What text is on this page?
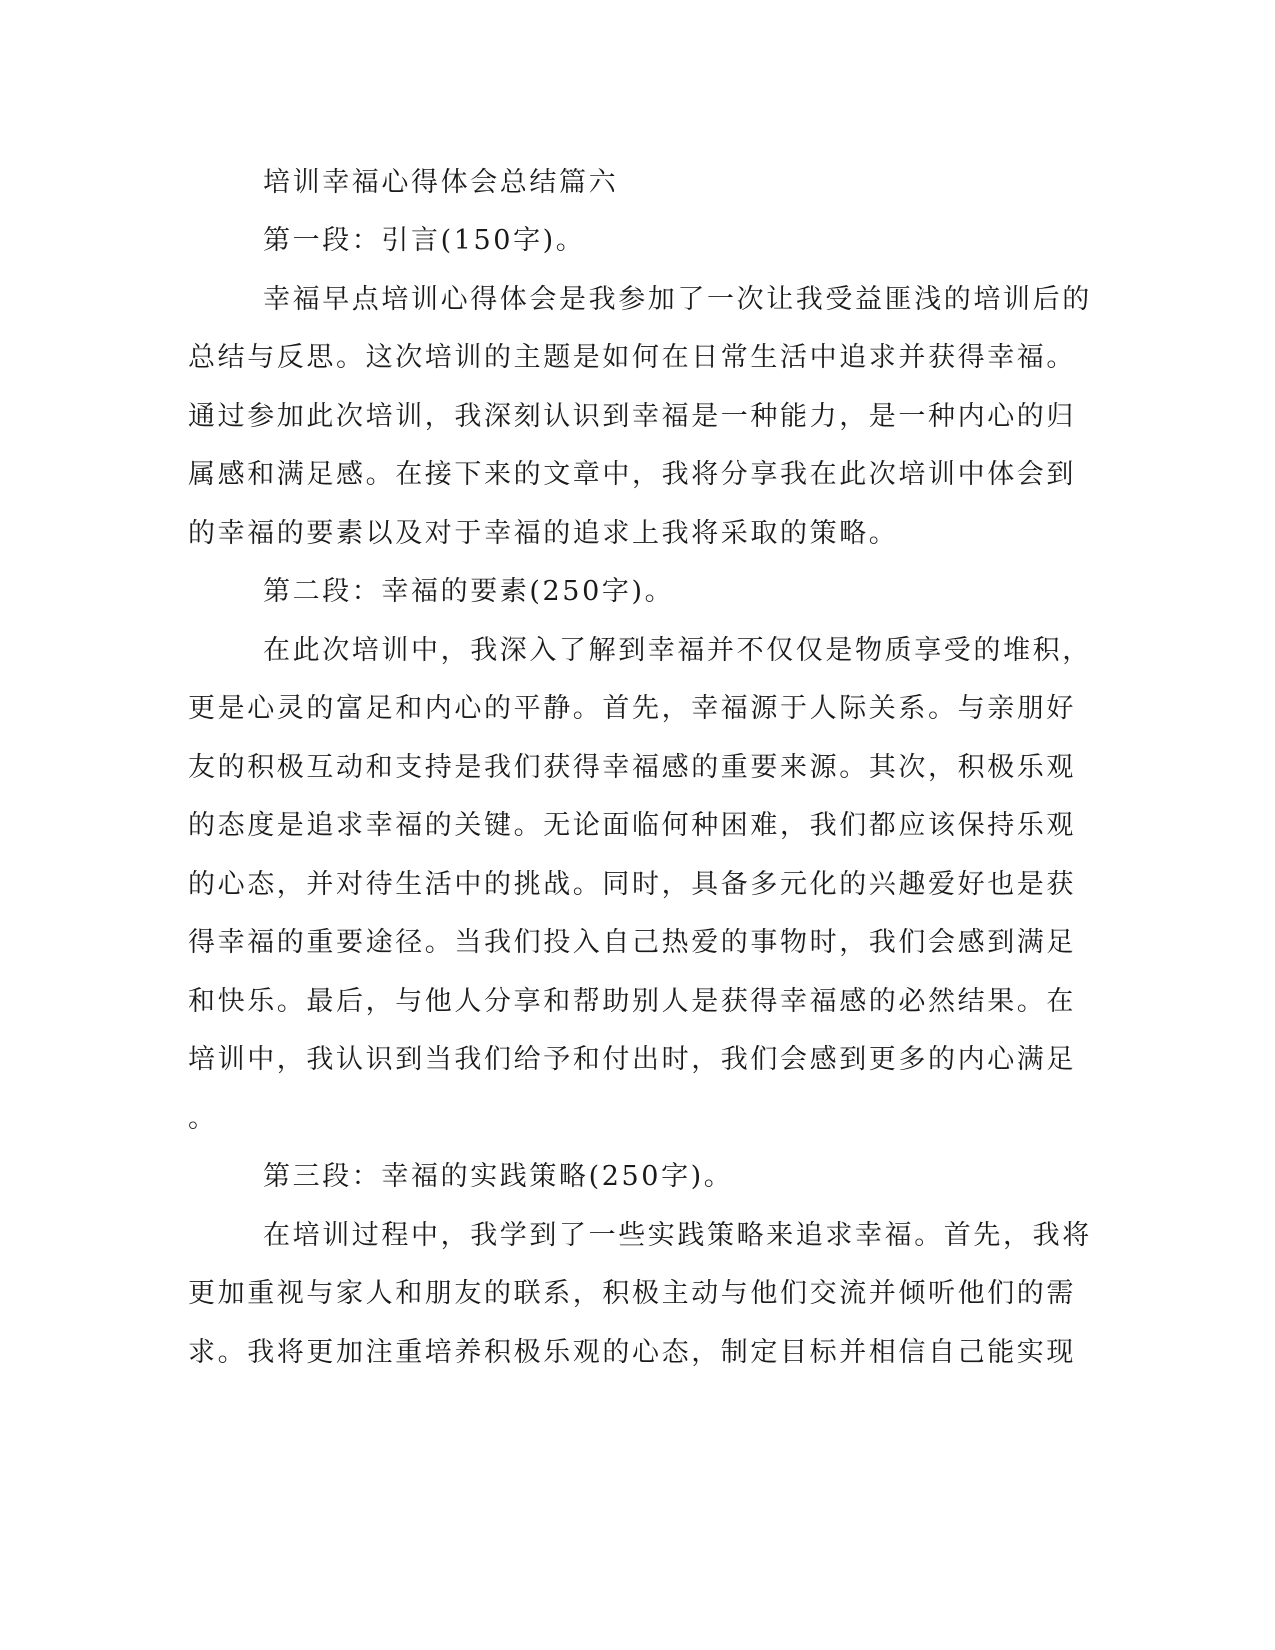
培训幸福心得体会总结篇六
第一段：引言(150字)。
幸福早点培训心得体会是我参加了一次让我受益匪浅的培训后的
总结与反思。这次培训的主题是如何在日常生活中追求并获得幸福。
通过参加此次培训，我深刻认识到幸福是一种能力，是一种内心的归
属感和满足感。在接下来的文章中，我将分享我在此次培训中体会到
的幸福的要素以及对于幸福的追求上我将采取的策略。
第二段：幸福的要素(250字)。
在此次培训中，我深入了解到幸福并不仅仅是物质享受的堆积，
更是心灵的富足和内心的平静。首先，幸福源于人际关系。与亲朋好
友的积极互动和支持是我们获得幸福感的重要来源。其次，积极乐观
的态度是追求幸福的关键。无论面临何种困难，我们都应该保持乐观
的心态，并对待生活中的挑战。同时，具备多元化的兴趣爱好也是获
得幸福的重要途径。当我们投入自己热爱的事物时，我们会感到满足
和快乐。最后，与他人分享和帮助别人是获得幸福感的必然结果。在
培训中，我认识到当我们给予和付出时，我们会感到更多的内心满足
。
第三段：幸福的实践策略(250字)。
在培训过程中，我学到了一些实践策略来追求幸福。首先，我将
更加重视与家人和朋友的联系，积极主动与他们交流并倾听他们的需
求。我将更加注重培养积极乐观的心态，制定目标并相信自己能实现
